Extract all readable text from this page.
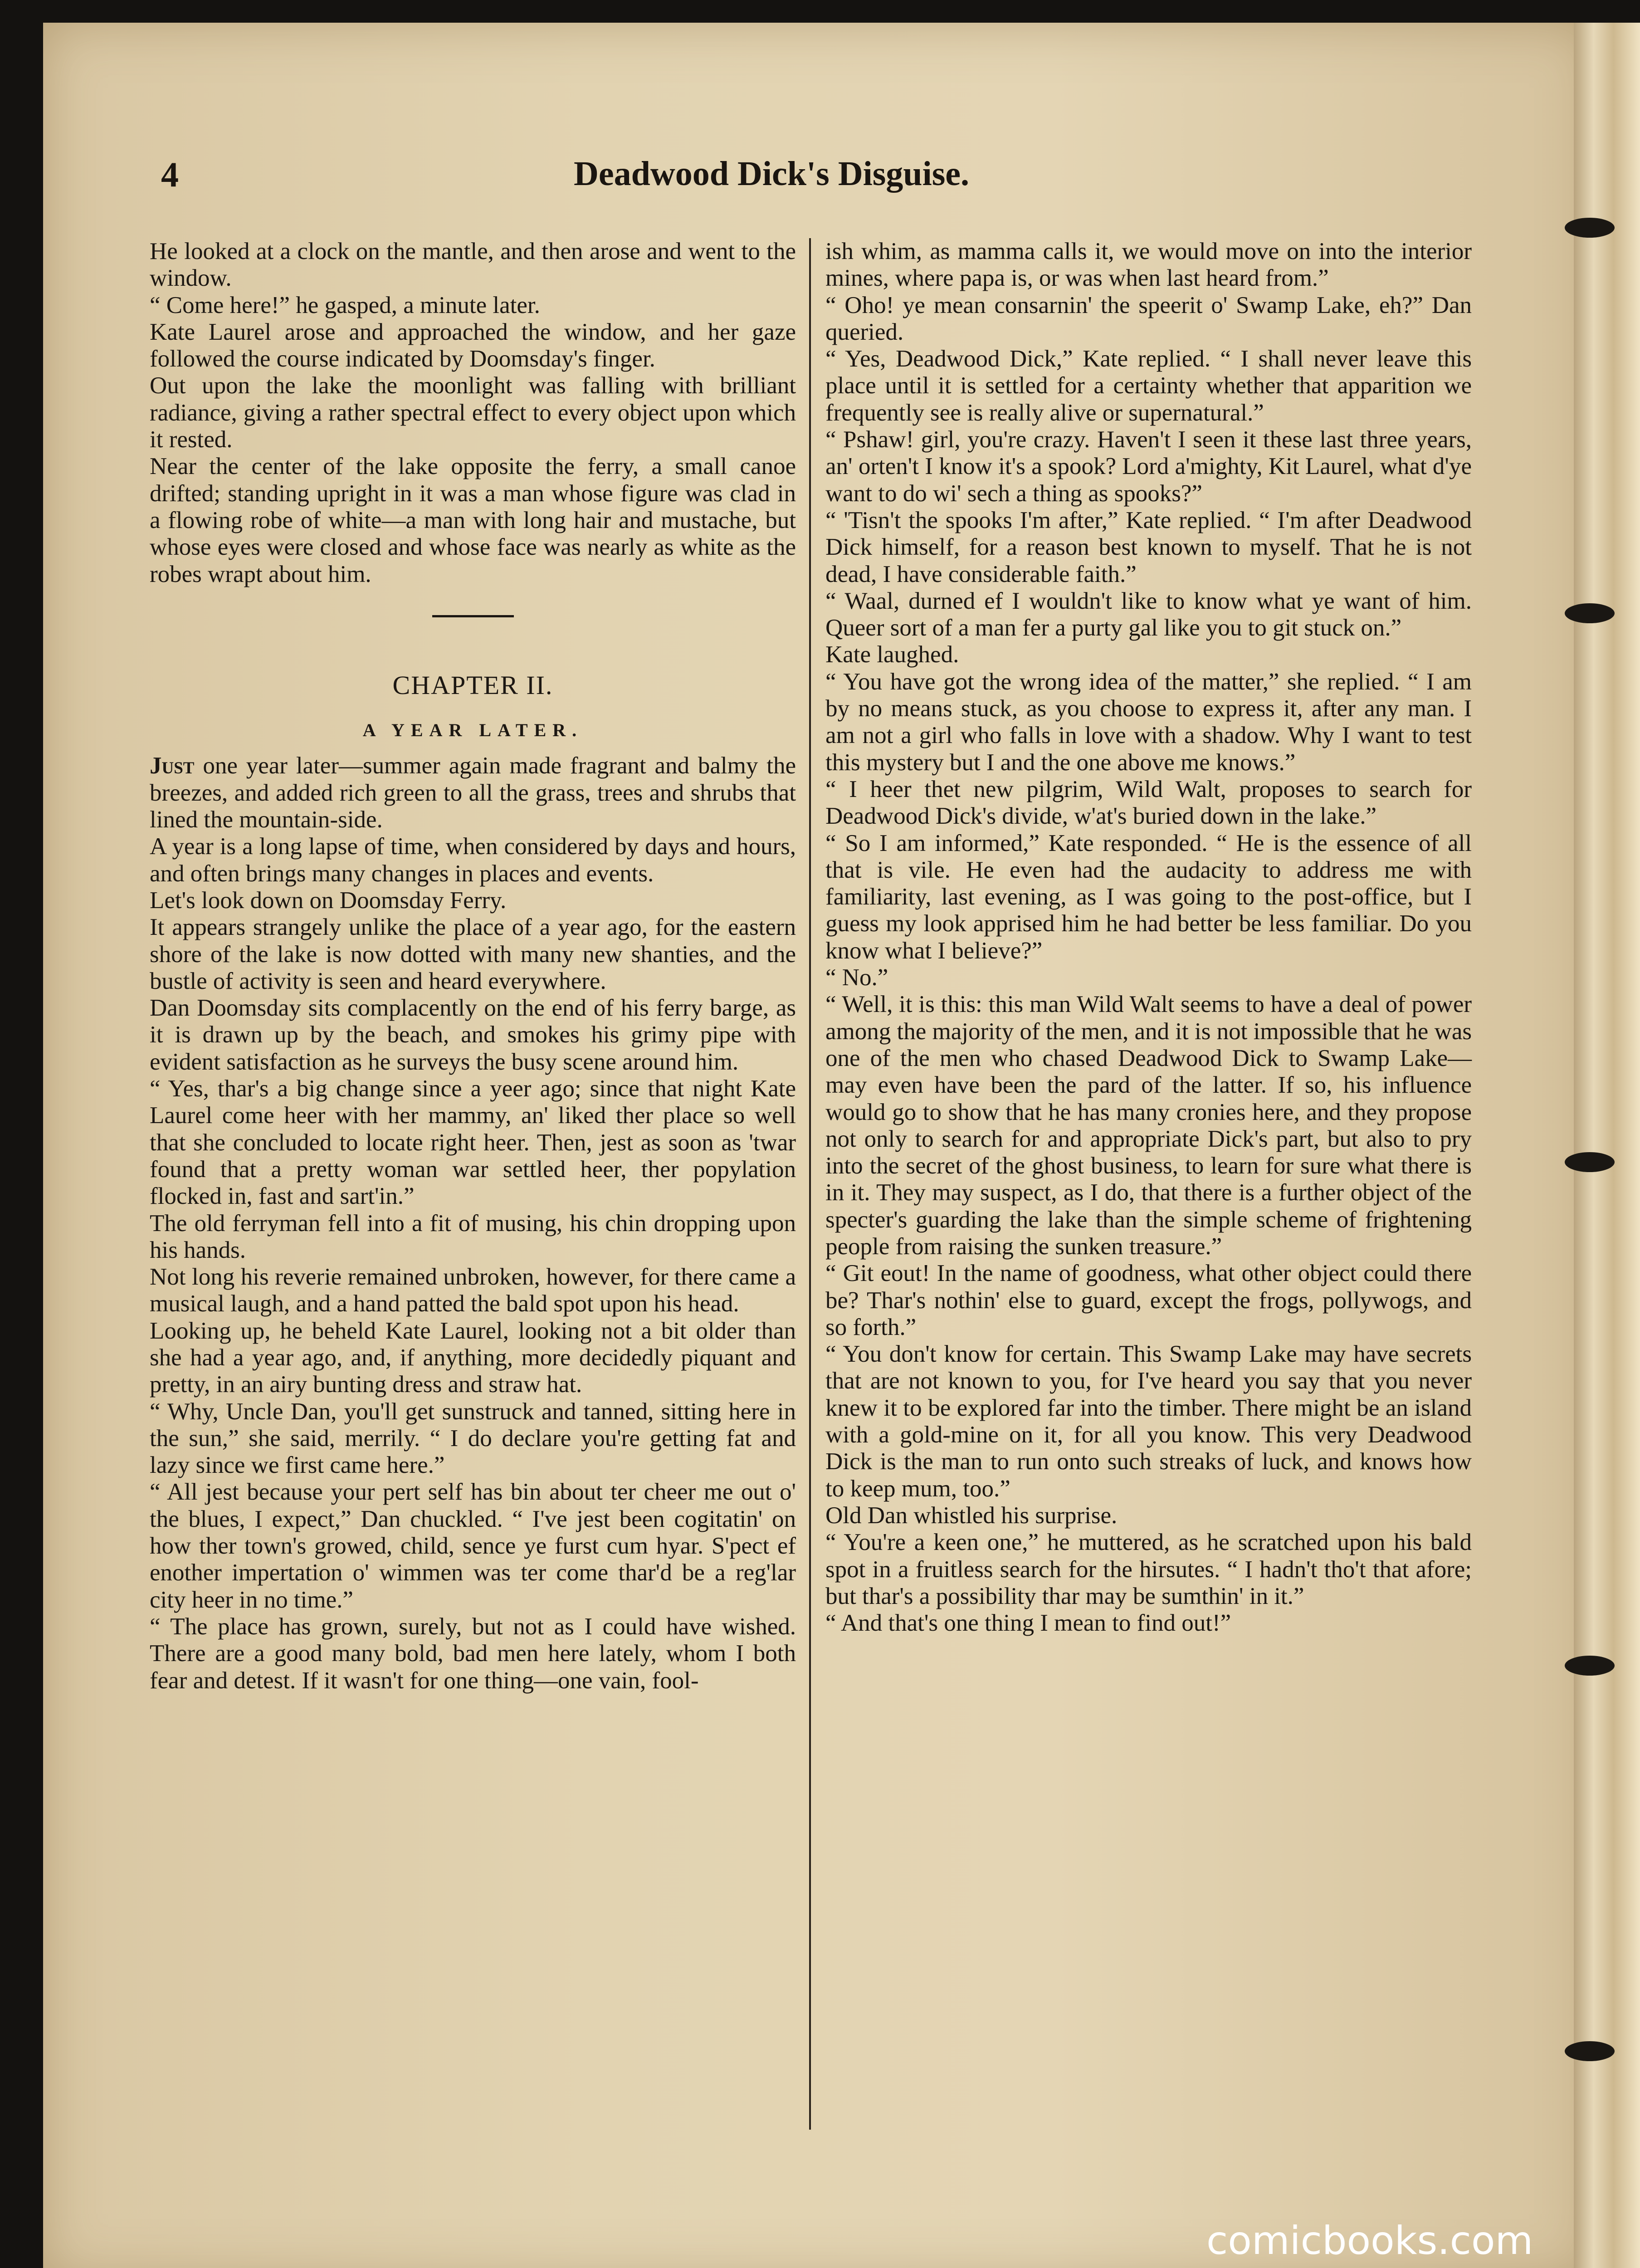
4	Deadwood Dick's Disguise.

He looked at a clock on the mantle, and then arose and went to the window.

“ Come here!” he gasped, a minute later.

Kate Laurel arose and approached the window, and her gaze followed the course indicated by Doomsday's finger.

Out upon the lake the moonlight was falling with brilliant radiance, giving a rather spectral effect to every object upon which it rested.

Near the center of the lake opposite the ferry, a small canoe drifted; standing upright in it was a man whose figure was clad in a flowing robe of white—a man with long hair and mustache, but whose eyes were closed and whose face was nearly as white as the robes wrapt about him.

CHAPTER II.
A YEAR LATER.

Just one year later—summer again made fragrant and balmy the breezes, and added rich green to all the grass, trees and shrubs that lined the mountain-side.

A year is a long lapse of time, when considered by days and hours, and often brings many changes in places and events.

Let's look down on Doomsday Ferry.

It appears strangely unlike the place of a year ago, for the eastern shore of the lake is now dotted with many new shanties, and the bustle of activity is seen and heard everywhere.

Dan Doomsday sits complacently on the end of his ferry barge, as it is drawn up by the beach, and smokes his grimy pipe with evident satisfaction as he surveys the busy scene around him.

“ Yes, thar's a big change since a yeer ago; since that night Kate Laurel come heer with her mammy, an' liked ther place so well that she concluded to locate right heer. Then, jest as soon as 'twar found that a pretty woman war settled heer, ther popylation flocked in, fast and sart'in.”

The old ferryman fell into a fit of musing, his chin dropping upon his hands.

Not long his reverie remained unbroken, however, for there came a musical laugh, and a hand patted the bald spot upon his head.

Looking up, he beheld Kate Laurel, looking not a bit older than she had a year ago, and, if anything, more decidedly piquant and pretty, in an airy bunting dress and straw hat.

“ Why, Uncle Dan, you'll get sunstruck and tanned, sitting here in the sun,” she said, merrily. “ I do declare you're getting fat and lazy since we first came here.”

“ All jest because your pert self has bin about ter cheer me out o' the blues, I expect,” Dan chuckled. “ I've jest been cogitatin' on how ther town's growed, child, sence ye furst cum hyar. S'pect ef enother impertation o' wimmen was ter come thar'd be a reg'lar city heer in no time.”

“ The place has grown, surely, but not as I could have wished. There are a good many bold, bad men here lately, whom I both fear and detest. If it wasn't for one thing—one vain, fool-

ish whim, as mamma calls it, we would move on into the interior mines, where papa is, or was when last heard from.”

“ Oho! ye mean consarnin' the speerit o' Swamp Lake, eh?” Dan queried.

“ Yes, Deadwood Dick,” Kate replied. “ I shall never leave this place until it is settled for a certainty whether that apparition we frequently see is really alive or supernatural.”

“ Pshaw! girl, you're crazy. Haven't I seen it these last three years, an' orten't I know it's a spook? Lord a'mighty, Kit Laurel, what d'ye want to do wi' sech a thing as spooks?”

“ 'Tisn't the spooks I'm after,” Kate replied. “ I'm after Deadwood Dick himself, for a reason best known to myself. That he is not dead, I have considerable faith.”

“ Waal, durned ef I wouldn't like to know what ye want of him. Queer sort of a man fer a purty gal like you to git stuck on.”

Kate laughed.

“ You have got the wrong idea of the matter,” she replied. “ I am by no means stuck, as you choose to express it, after any man. I am not a girl who falls in love with a shadow. Why I want to test this mystery but I and the one above me knows.”

“ I heer thet new pilgrim, Wild Walt, proposes to search for Deadwood Dick's divide, w'at's buried down in the lake.”

“ So I am informed,” Kate responded. “ He is the essence of all that is vile. He even had the audacity to address me with familiarity, last evening, as I was going to the post-office, but I guess my look apprised him he had better be less familiar. Do you know what I believe?”

“ No.”

“ Well, it is this: this man Wild Walt seems to have a deal of power among the majority of the men, and it is not impossible that he was one of the men who chased Deadwood Dick to Swamp Lake—may even have been the pard of the latter. If so, his influence would go to show that he has many cronies here, and they propose not only to search for and appropriate Dick's part, but also to pry into the secret of the ghost business, to learn for sure what there is in it. They may suspect, as I do, that there is a further object of the specter's guarding the lake than the simple scheme of frightening people from raising the sunken treasure.”

“ Git eout! In the name of goodness, what other object could there be? Thar's nothin' else to guard, except the frogs, pollywogs, and so forth.”

“ You don't know for certain. This Swamp Lake may have secrets that are not known to you, for I've heard you say that you never knew it to be explored far into the timber. There might be an island with a gold-mine on it, for all you know. This very Deadwood Dick is the man to run onto such streaks of luck, and knows how to keep mum, too.”

Old Dan whistled his surprise.

“ You're a keen one,” he muttered, as he scratched upon his bald spot in a fruitless search for the hirsutes. “ I hadn't tho't that afore; but thar's a possibility thar may be sumthin' in it.”

“ And that's one thing I mean to find out!”

comicbooks.com
